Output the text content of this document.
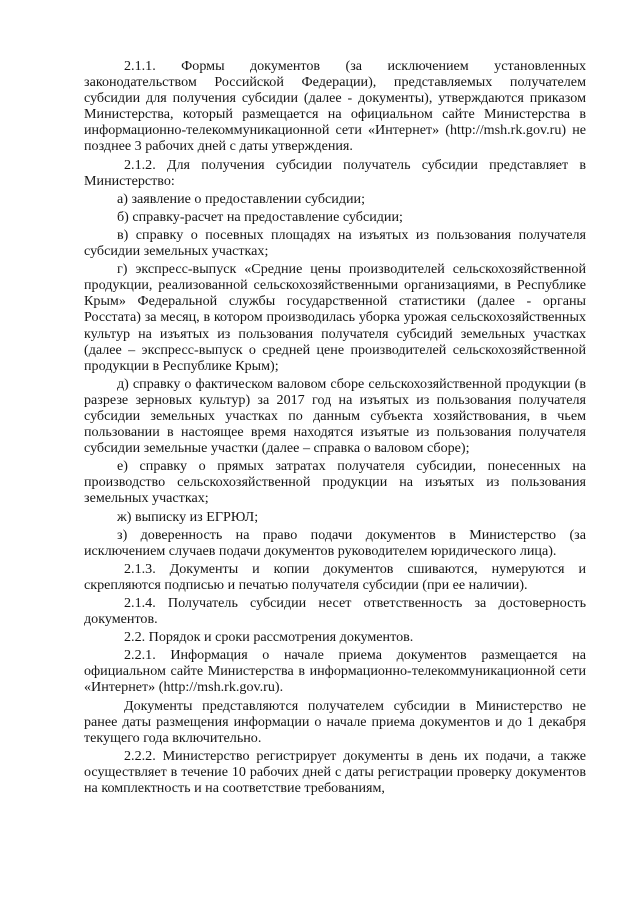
2.1.1. Формы документов (за исключением установленных законодательством Российской Федерации), представляемых получателем субсидии для получения субсидии (далее - документы), утверждаются приказом Министерства, который размещается на официальном сайте Министерства в информационно-телекоммуникационной сети «Интернет» (http://msh.rk.gov.ru) не позднее 3 рабочих дней с даты утверждения.

2.1.2. Для получения субсидии получатель субсидии представляет в Министерство:

а) заявление о предоставлении субсидии;

б) справку-расчет на предоставление субсидии;

в) справку о посевных площадях на изъятых из пользования получателя субсидии земельных участках;

г) экспресс-выпуск «Средние цены производителей сельскохозяйственной продукции, реализованной сельскохозяйственными организациями, в Республике Крым» Федеральной службы государственной статистики (далее - органы Росстата) за месяц, в котором производилась уборка урожая сельскохозяйственных культур на изъятых из пользования получателя субсидий земельных участках (далее – экспресс-выпуск о средней цене производителей сельскохозяйственной продукции в Республике Крым);

д) справку о фактическом валовом сборе сельскохозяйственной продукции (в разрезе зерновых культур) за 2017 год на изъятых из пользования получателя субсидии земельных участках по данным субъекта хозяйствования, в чьем пользовании в настоящее время находятся изъятые из пользования получателя субсидии земельные участки (далее – справка о валовом сборе);

е) справку о прямых затратах получателя субсидии, понесенных на производство сельскохозяйственной продукции на изъятых из пользования земельных участках;

ж) выписку из ЕГРЮЛ;

з) доверенность на право подачи документов в Министерство (за исключением случаев подачи документов руководителем юридического лица).

2.1.3. Документы и копии документов сшиваются, нумеруются и скрепляются подписью и печатью получателя субсидии (при ее наличии).

2.1.4. Получатель субсидии несет ответственность за достоверность документов.

2.2. Порядок и сроки рассмотрения документов.

2.2.1. Информация о начале приема документов размещается на официальном сайте Министерства в информационно-телекоммуникационной сети «Интернет» (http://msh.rk.gov.ru).

Документы представляются получателем субсидии в Министерство не ранее даты размещения информации о начале приема документов и до 1 декабря текущего года включительно.

2.2.2. Министерство регистрирует документы в день их подачи, а также осуществляет в течение 10 рабочих дней с даты регистрации проверку документов на комплектность и на соответствие требованиям,
